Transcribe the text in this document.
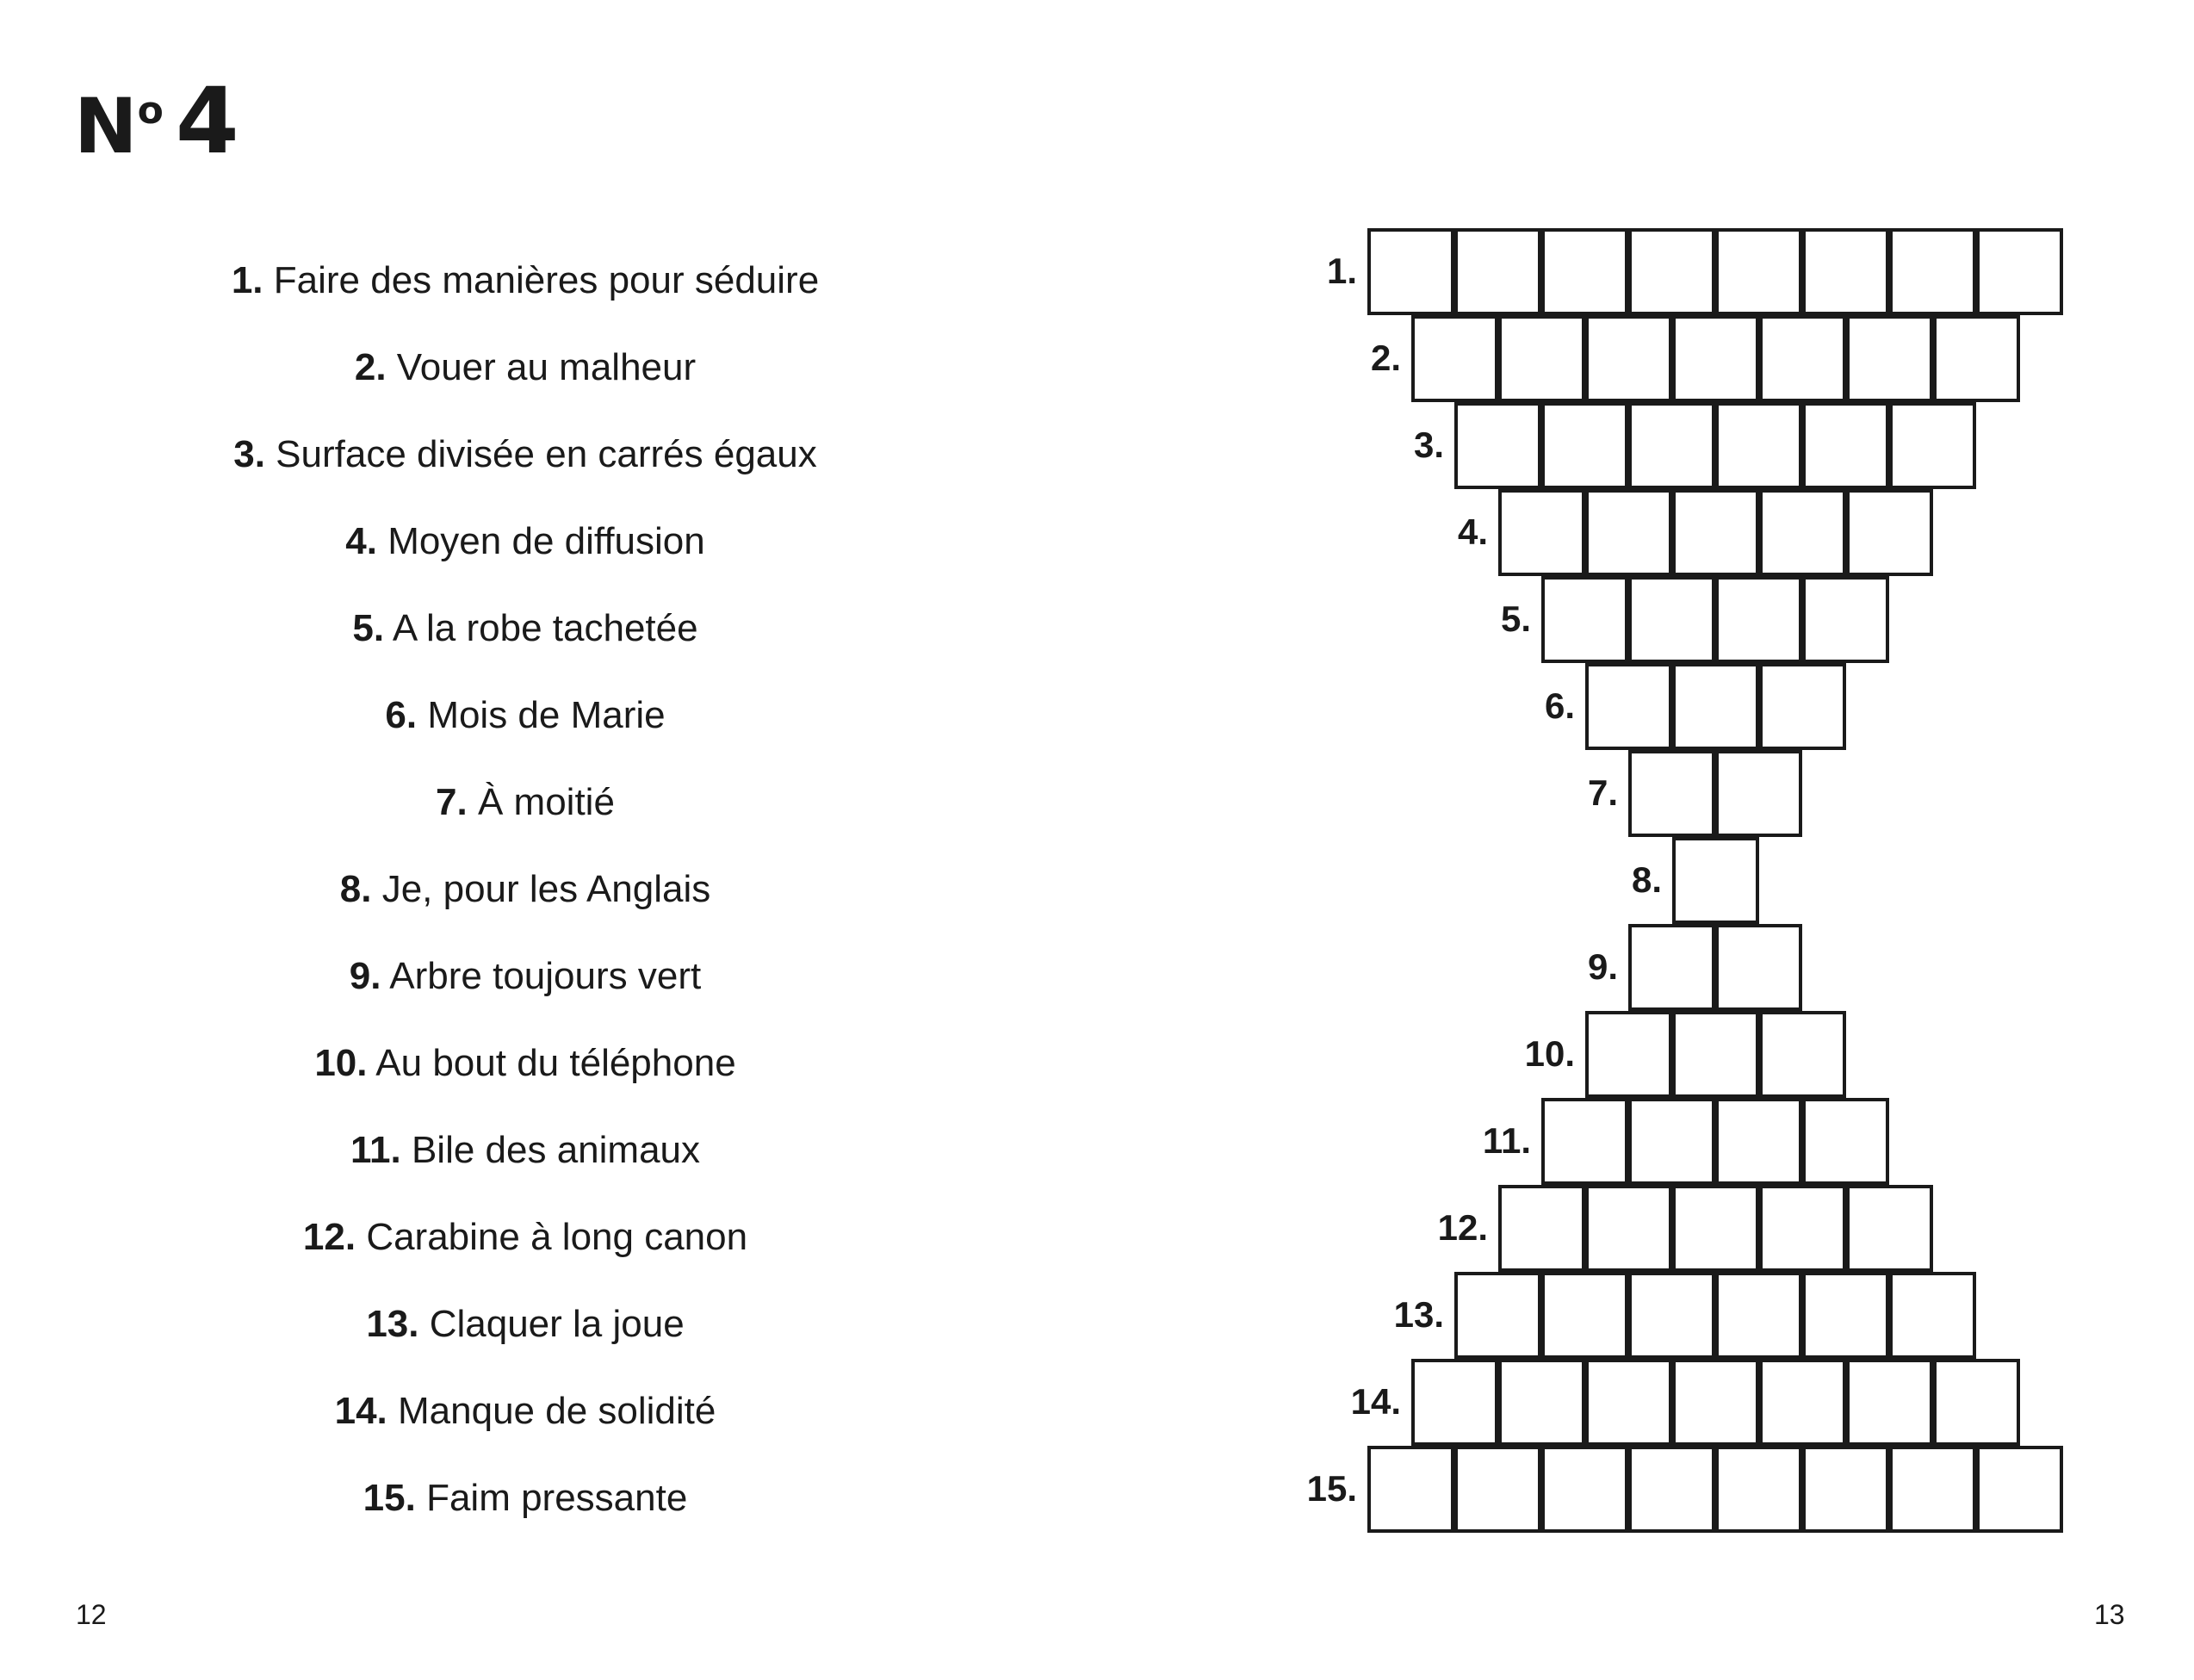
$N^o$ 4
1. Faire des manières pour séduire
2. Vouer au malheur
3. Surface divisée en carrés égaux
4. Moyen de diffusion
5. A la robe tachetée
6. Mois de Marie
7. À moitié
8. Je, pour les Anglais
9. Arbre toujours vert
10. Au bout du téléphone
11. Bile des animaux
12. Carabine à long canon
13. Claquer la joue
14. Manque de solidité
15. Faim pressante
1.
2.
3.
4.
5.
6.
7.
8.
9.
10.
11.
12.
13.
14.
15.
12	13
